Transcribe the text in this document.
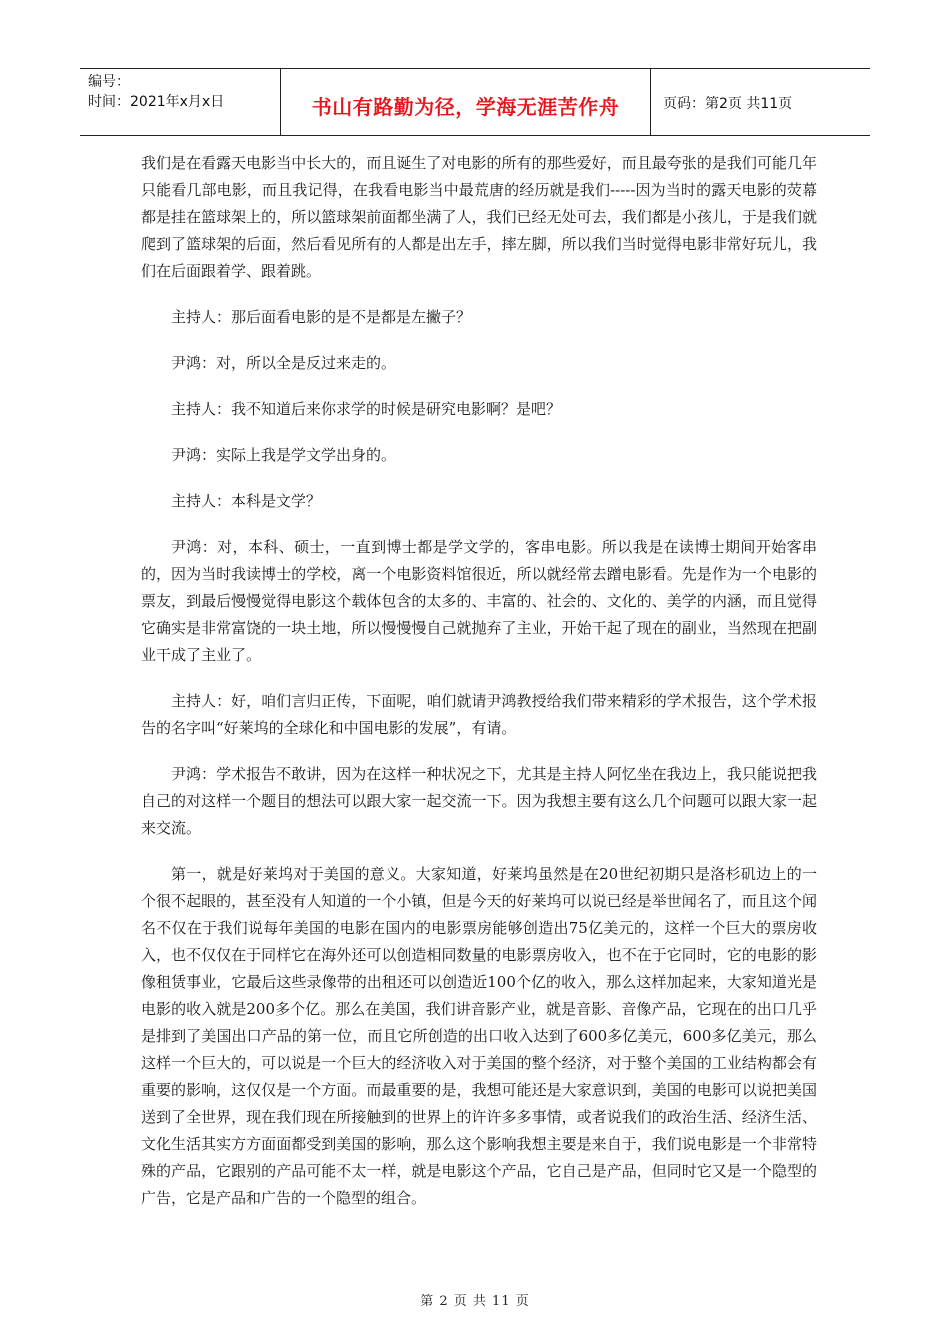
编号：
时间：2021年x月x日	书山有路勤为径，学海无涯苦作舟	页码：第2页 共11页

我们是在看露天电影当中长大的，而且诞生了对电影的所有的那些爱好，而且最夸张的是我们可能几年只能看几部电影，而且我记得，在我看电影当中最荒唐的经历就是我们-----因为当时的露天电影的荧幕都是挂在篮球架上的，所以篮球架前面都坐满了人，我们已经无处可去，我们都是小孩儿，于是我们就爬到了篮球架的后面，然后看见所有的人都是出左手，摔左脚，所以我们当时觉得电影非常好玩儿，我们在后面跟着学、跟着跳。

主持人：那后面看电影的是不是都是左撇子？

尹鸿：对，所以全是反过来走的。

主持人：我不知道后来你求学的时候是研究电影啊？是吧？

尹鸿：实际上我是学文学出身的。

主持人：本科是文学？

尹鸿：对，本科、硕士，一直到博士都是学文学的，客串电影。所以我是在读博士期间开始客串的，因为当时我读博士的学校，离一个电影资料馆很近，所以就经常去蹭电影看。先是作为一个电影的票友，到最后慢慢觉得电影这个载体包含的太多的、丰富的、社会的、文化的、美学的内涵，而且觉得它确实是非常富饶的一块土地，所以慢慢慢自己就抛弃了主业，开始干起了现在的副业，当然现在把副业干成了主业了。

主持人：好，咱们言归正传，下面呢，咱们就请尹鸿教授给我们带来精彩的学术报告，这个学术报告的名字叫“好莱坞的全球化和中国电影的发展”，有请。

尹鸿：学术报告不敢讲，因为在这样一种状况之下，尤其是主持人阿忆坐在我边上，我只能说把我自己的对这样一个题目的想法可以跟大家一起交流一下。因为我想主要有这么几个问题可以跟大家一起来交流。

第一，就是好莱坞对于美国的意义。大家知道，好莱坞虽然是在20世纪初期只是洛杉矶边上的一个很不起眼的，甚至没有人知道的一个小镇，但是今天的好莱坞可以说已经是举世闻名了，而且这个闻名不仅在于我们说每年美国的电影在国内的电影票房能够创造出75亿美元的，这样一个巨大的票房收入，也不仅仅在于同样它在海外还可以创造相同数量的电影票房收入，也不在于它同时，它的电影的影像租赁事业，它最后这些录像带的出租还可以创造近100个亿的收入，那么这样加起来，大家知道光是电影的收入就是200多个亿。那么在美国，我们讲音影产业，就是音影、音像产品，它现在的出口几乎是排到了美国出口产品的第一位，而且它所创造的出口收入达到了600多亿美元，600多亿美元，那么这样一个巨大的，可以说是一个巨大的经济收入对于美国的整个经济，对于整个美国的工业结构都会有重要的影响，这仅仅是一个方面。而最重要的是，我想可能还是大家意识到，美国的电影可以说把美国送到了全世界，现在我们现在所接触到的世界上的许许多多事情，或者说我们的政治生活、经济生活、文化生活其实方方面面都受到美国的影响，那么这个影响我想主要是来自于，我们说电影是一个非常特殊的产品，它跟别的产品可能不太一样，就是电影这个产品，它自己是产品，但同时它又是一个隐型的广告，它是产品和广告的一个隐型的组合。

第 2 页 共 11 页
